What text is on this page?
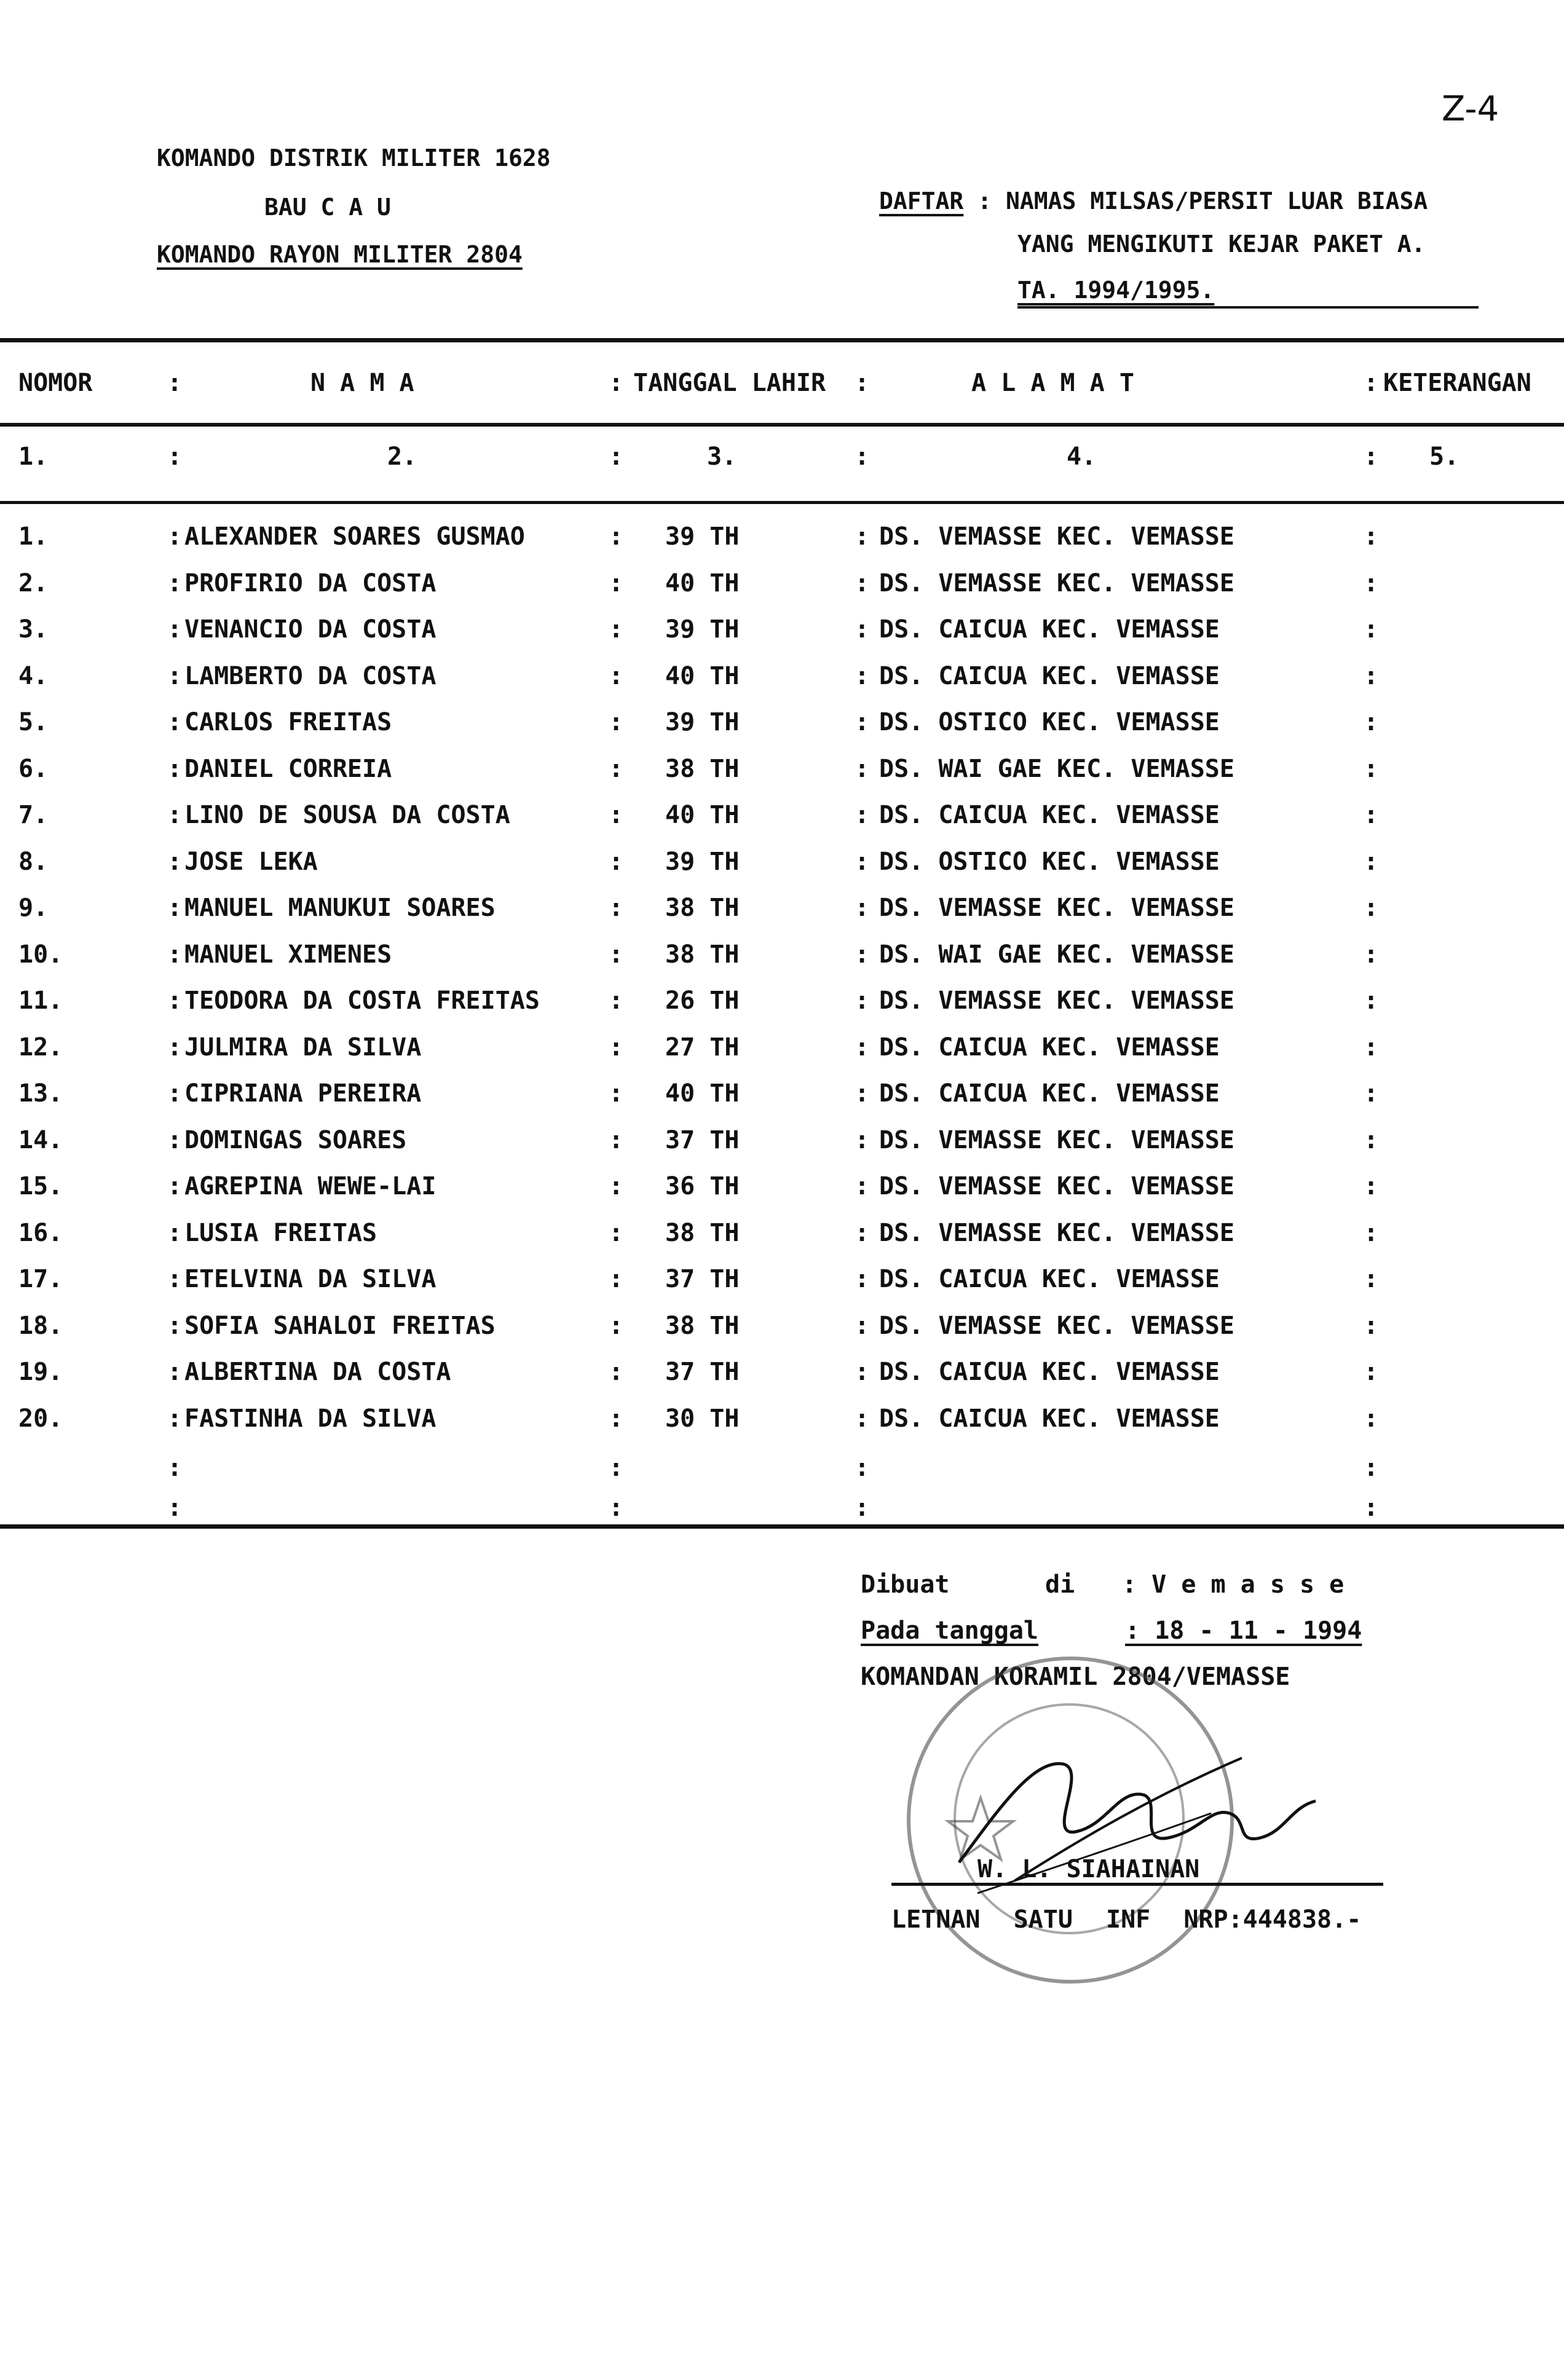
Z-4
KOMANDO DISTRIK MILITER 1628
BAU C A U
KOMANDO RAYON MILITER 2804
DAFTAR : NAMAS MILSAS/PERSIT LUAR BIASA
YANG MENGIKUTI KEJAR PAKET A.
TA. 1994/1995.
NOMOR	:	N A M A	: TANGGAL LAHIR :	A L A M A T	: KETERANGAN
1.	:	2.	:	3.	:	4.	: 5.
1.	: ALEXANDER SOARES GUSMAO	: 39 TH	: DS. VEMASSE KEC. VEMASSE	:
2.	: PROFIRIO DA COSTA	: 40 TH	: DS. VEMASSE KEC. VEMASSE	:
3.	: VENANCIO DA COSTA	: 39 TH	: DS. CAICUA KEC. VEMASSE	:
4.	: LAMBERTO DA COSTA	: 40 TH	: DS. CAICUA KEC. VEMASSE	:
5.	: CARLOS FREITAS	: 39 TH	: DS. OSTICO KEC. VEMASSE	:
6.	: DANIEL CORREIA	: 38 TH	: DS. WAI GAE KEC. VEMASSE	:
7.	: LINO DE SOUSA DA COSTA	: 40 TH	: DS. CAICUA KEC. VEMASSE	:
8.	: JOSE LEKA	: 39 TH	: DS. OSTICO KEC. VEMASSE	:
9.	: MANUEL MANUKUI SOARES	: 38 TH	: DS. VEMASSE KEC. VEMASSE	:
10.	: MANUEL XIMENES	: 38 TH	: DS. WAI GAE KEC. VEMASSE	:
11.	: TEODORA DA COSTA FREITAS	: 26 TH	: DS. VEMASSE KEC. VEMASSE	:
12.	: JULMIRA DA SILVA	: 27 TH	: DS. CAICUA KEC. VEMASSE	:
13.	: CIPRIANA PEREIRA	: 40 TH	: DS. CAICUA KEC. VEMASSE	:
14.	: DOMINGAS SOARES	: 37 TH	: DS. VEMASSE KEC. VEMASSE	:
15.	: AGREPINA WEWE-LAI	: 36 TH	: DS. VEMASSE KEC. VEMASSE	:
16.	: LUSIA FREITAS	: 38 TH	: DS. VEMASSE KEC. VEMASSE	:
17.	: ETELVINA DA SILVA	: 37 TH	: DS. CAICUA KEC. VEMASSE	:
18.	: SOFIA SAHALOI FREITAS	: 38 TH	: DS. VEMASSE KEC. VEMASSE	:
19.	: ALBERTINA DA COSTA	: 37 TH	: DS. CAICUA KEC. VEMASSE	:
20.	: FASTINHA DA SILVA	: 30 TH	: DS. CAICUA KEC. VEMASSE	:
:	:	:	:
:	:	:	:
Dibuat	di : V e m a s s e
Pada tanggal	: 18 - 11 - 1994
KOMANDAN KORAMIL 2804/VEMASSE
W. L. SIAHAINAN
LETNAN SATU INF NRP:444838.-
